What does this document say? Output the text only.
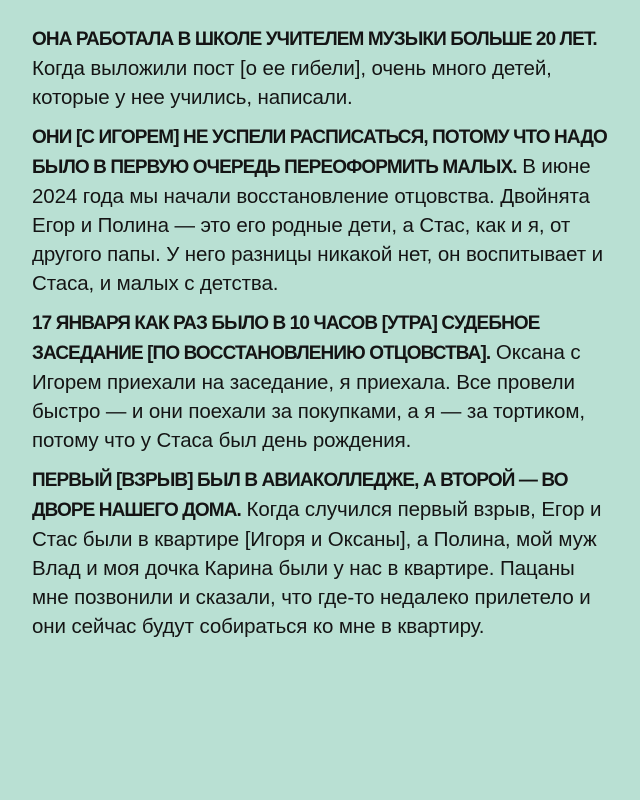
ОНА РАБОТАЛА В ШКОЛЕ УЧИТЕЛЕМ МУЗЫКИ БОЛЬШЕ 20 ЛЕТ. Когда выложили пост [о ее гибели], очень много детей, которые у нее учились, написали.

ОНИ [С ИГОРЕМ] НЕ УСПЕЛИ РАСПИСАТЬСЯ, ПОТОМУ ЧТО НАДО БЫЛО В ПЕРВУЮ ОЧЕРЕДЬ ПЕРЕОФОРМИТЬ МАЛЫХ. В июне 2024 года мы начали восстановление отцовства. Двойнята Егор и Полина — это его родные дети, а Стас, как и я, от другого папы. У него разницы никакой нет, он воспитывает и Стаса, и малых с детства.

17 ЯНВАРЯ КАК РАЗ БЫЛО В 10 ЧАСОВ [УТРА] СУДЕБНОЕ ЗАСЕДАНИЕ [ПО ВОССТАНОВЛЕНИЮ ОТЦОВСТВА]. Оксана с Игорем приехали на заседание, я приехала. Все провели быстро — и они поехали за покупками, а я — за тортиком, потому что у Стаса был день рождения.

ПЕРВЫЙ [ВЗРЫВ] БЫЛ В АВИАКОЛЛЕДЖЕ, А ВТОРОЙ — ВО ДВОРЕ НАШЕГО ДОМА. Когда случился первый взрыв, Егор и Стас были в квартире [Игоря и Оксаны], а Полина, мой муж Влад и моя дочка Карина были у нас в квартире. Пацаны мне позвонили и сказали, что где-то недалеко прилетело и они сейчас будут собираться ко мне в квартиру.
